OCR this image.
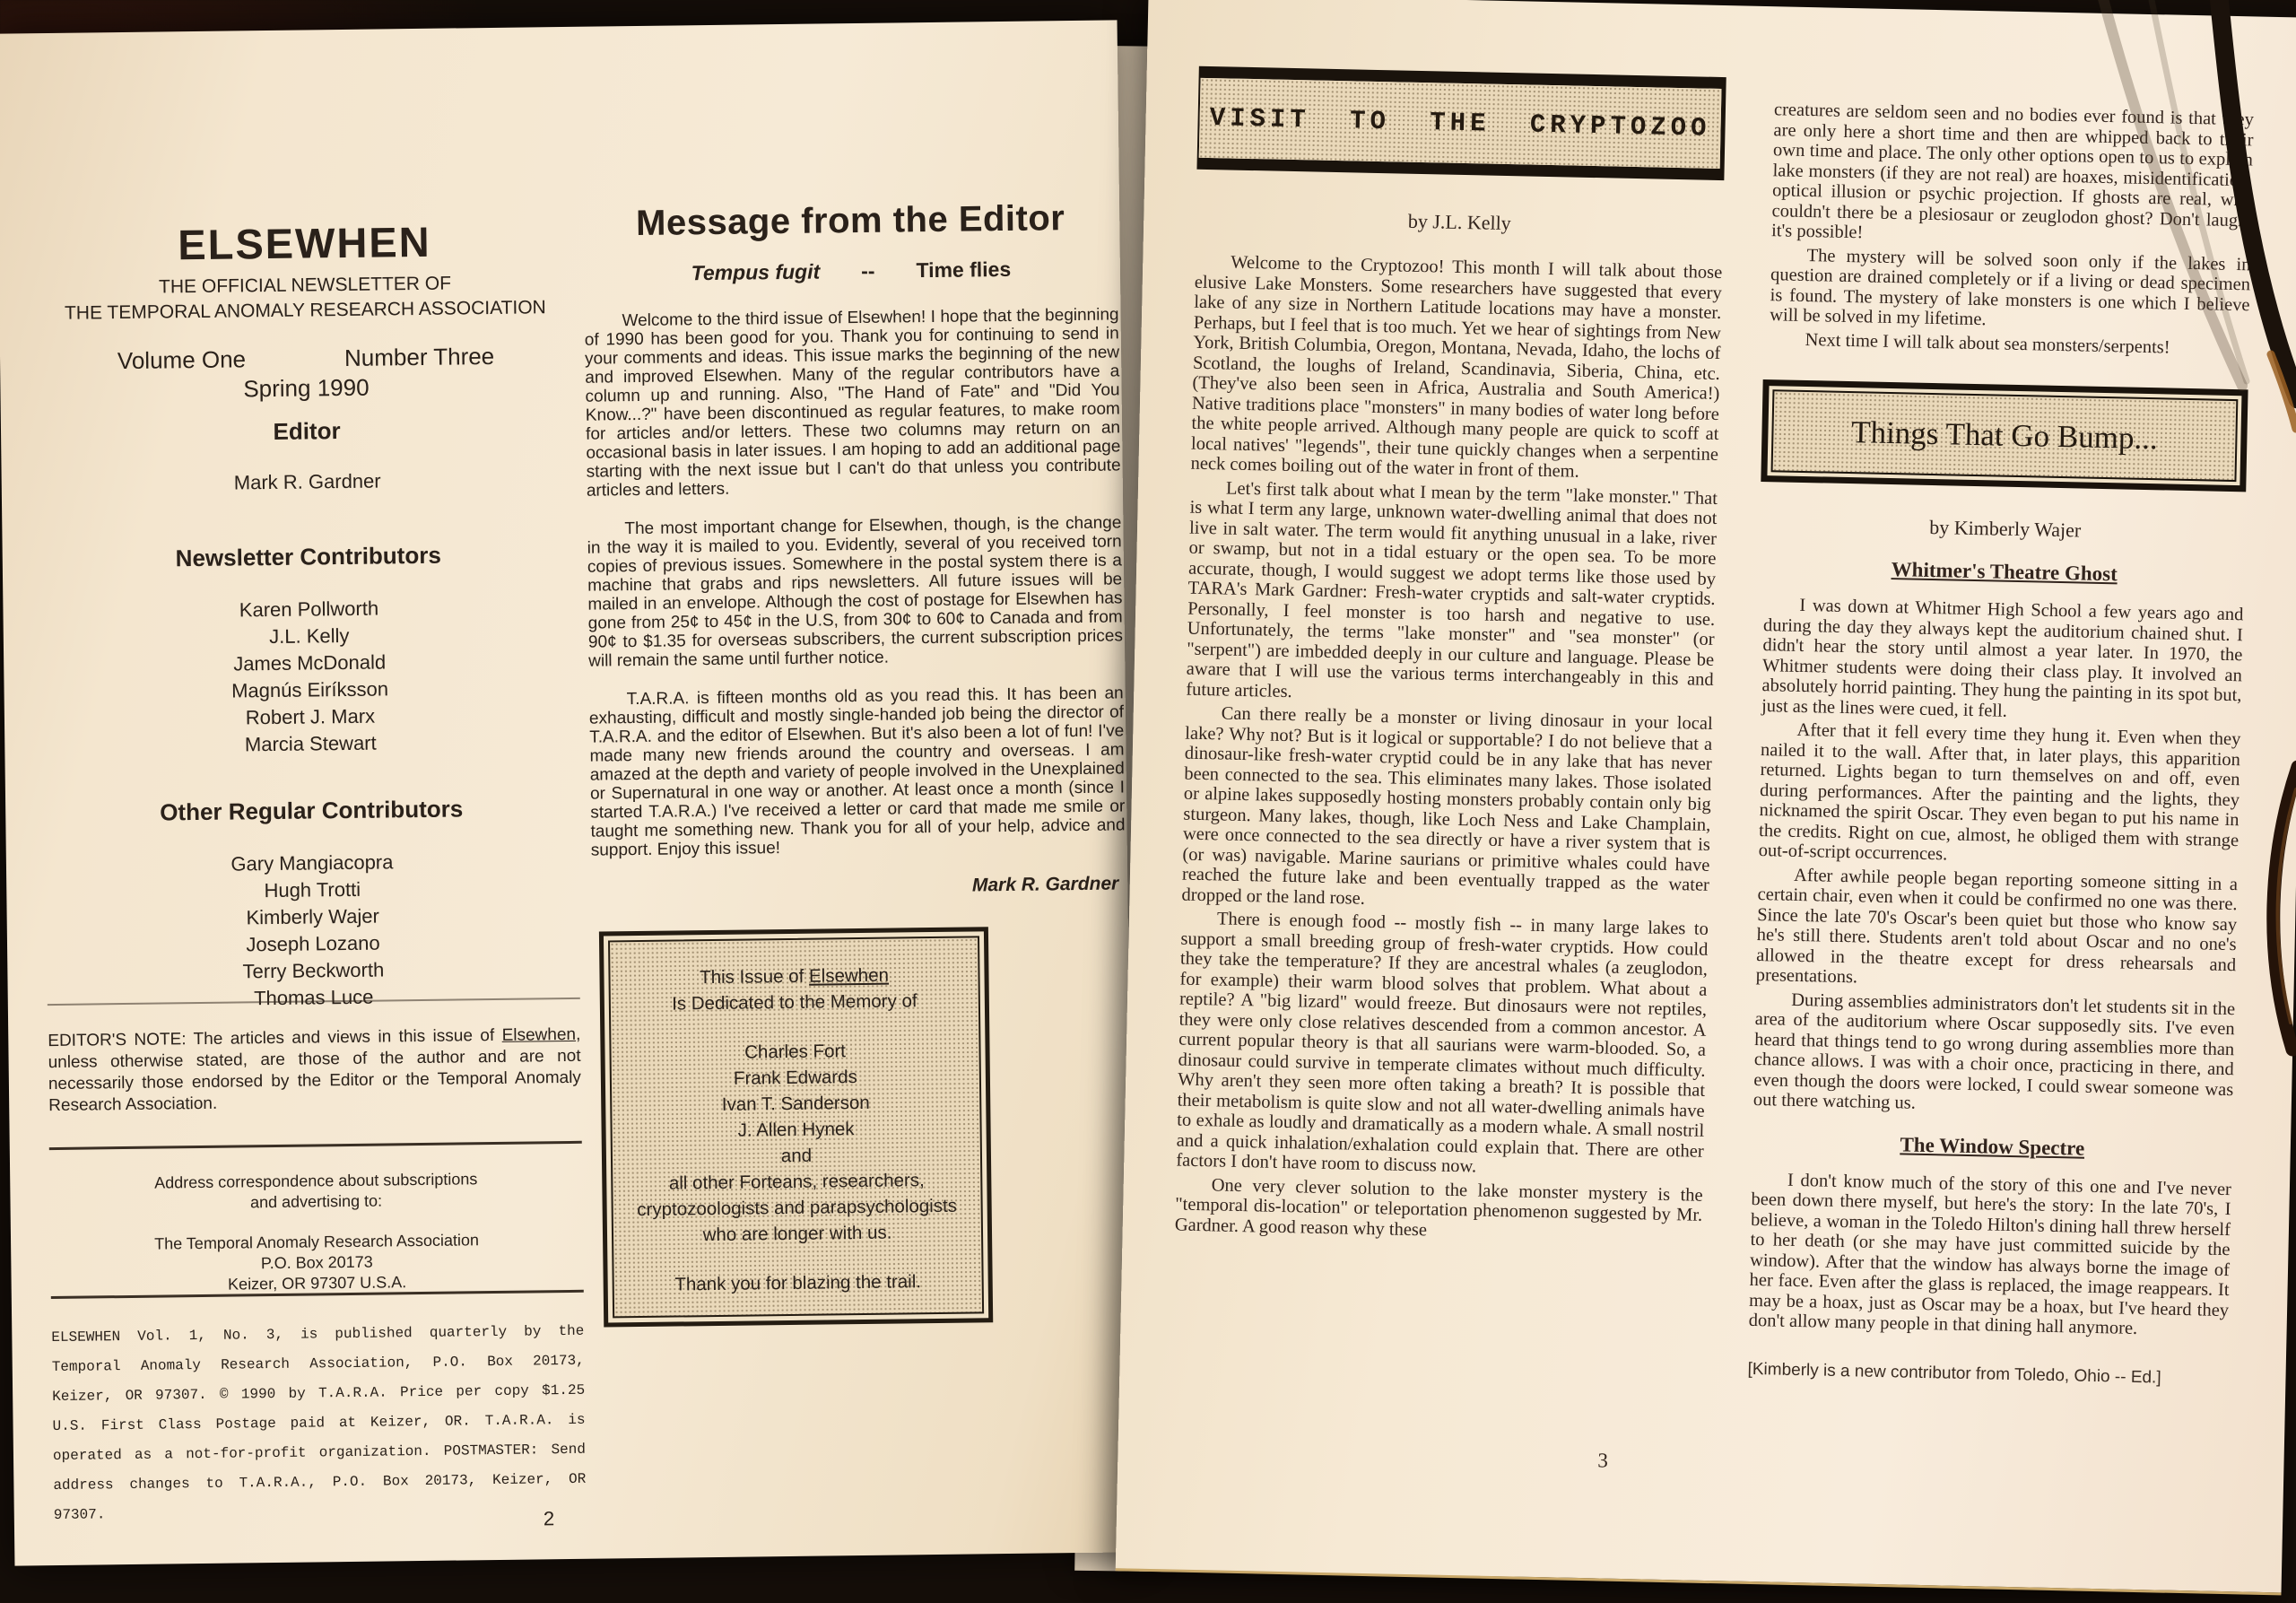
ELSEWHEN
THE OFFICIAL NEWSLETTER OF
THE TEMPORAL ANOMALY RESEARCH ASSOCIATION
Volume One	Number Three
Spring 1990
Editor
Mark R. Gardner
Newsletter Contributors
Karen Pollworth
J.L. Kelly
James McDonald
Magnús Eiríksson
Robert J. Marx
Marcia Stewart
Other Regular Contributors
Gary Mangiacopra
Hugh Trotti
Kimberly Wajer
Joseph Lozano
Terry Beckworth
Thomas Luce
EDITOR'S NOTE: The articles and views in this issue of Elsewhen, unless otherwise stated, are those of the author and are not necessarily those endorsed by the Editor or the Temporal Anomaly Research Association.
Address correspondence about subscriptions
and advertising to:
The Temporal Anomaly Research Association
P.O. Box 20173
Keizer, OR 97307 U.S.A.
ELSEWHEN Vol. 1, No. 3, is published quarterly by the Temporal Anomaly Research Association, P.O. Box 20173, Keizer, OR 97307. © 1990 by T.A.R.A. Price per copy $1.25 U.S. First Class Postage paid at Keizer, OR. T.A.R.A. is operated as a not-for-profit organization. POSTMASTER: Send address changes to T.A.R.A., P.O. Box 20173, Keizer, OR 97307.	2
Message from the Editor
Tempus fugit -- Time flies

Welcome to the third issue of Elsewhen! I hope that the beginning of 1990 has been good for you. Thank you for continuing to send in your comments and ideas. This issue marks the beginning of the new and improved Elsewhen. Many of the regular contributors have a column up and running. Also, "The Hand of Fate" and "Did You Know...?" have been discontinued as regular features, to make room for articles and/or letters. These two columns may return on an occasional basis in later issues. I am hoping to add an additional page starting with the next issue but I can't do that unless you contribute articles and letters.

The most important change for Elsewhen, though, is the change in the way it is mailed to you. Evidently, several of you received torn copies of previous issues. Somewhere in the postal system there is a machine that grabs and rips newsletters. All future issues will be mailed in an envelope. Although the cost of postage for Elsewhen has gone from 25¢ to 45¢ in the U.S, from 30¢ to 60¢ to Canada and from 90¢ to $1.35 for overseas subscribers, the current subscription prices will remain the same until further notice.

T.A.R.A. is fifteen months old as you read this. It has been an exhausting, difficult and mostly single-handed job being the director of T.A.R.A. and the editor of Elsewhen. But it's also been a lot of fun! I've made many new friends around the country and overseas. I am amazed at the depth and variety of people involved in the Unexplained or Supernatural in one way or another. At least once a month (since I started T.A.R.A.) I've received a letter or card that made me smile or taught me something new. Thank you for all of your help, advice and support. Enjoy this issue!

Mark R. Gardner
This Issue of Elsewhen
Is Dedicated to the Memory of
Charles Fort
Frank Edwards
Ivan T. Sanderson
J. Allen Hynek
and
all other Forteans, researchers,
cryptozoologists and parapsychologists
who are longer with us.
Thank you for blazing the trail.
VISIT TO THE CRYPTOZOO
by J.L. Kelly

Welcome to the Cryptozoo! This month I will talk about those elusive Lake Monsters. Some researchers have suggested that every lake of any size in Northern Latitude locations may have a monster. Perhaps, but I feel that is too much. Yet we hear of sightings from New York, British Columbia, Oregon, Montana, Nevada, Idaho, the lochs of Scotland, the loughs of Ireland, Scandinavia, Siberia, China, etc. (They've also been seen in Africa, Australia and South America!) Native traditions place "monsters" in many bodies of water long before the white people arrived. Although many people are quick to scoff at local natives' "legends", their tune quickly changes when a serpentine neck comes boiling out of the water in front of them.

Let's first talk about what I mean by the term "lake monster." That is what I term any large, unknown water-dwelling animal that does not live in salt water. The term would fit anything unusual in a lake, river or swamp, but not in a tidal estuary or the open sea. To be more accurate, though, I would suggest we adopt terms like those used by TARA's Mark Gardner: Fresh-water cryptids and salt-water cryptids. Personally, I feel monster is too harsh and negative to use. Unfortunately, the terms "lake monster" and "sea monster" (or "serpent") are imbedded deeply in our culture and language. Please be aware that I will use the various terms interchangeably in this and future articles.

Can there really be a monster or living dinosaur in your local lake? Why not? But is it logical or supportable? I do not believe that a dinosaur-like fresh-water cryptid could be in any lake that has never been connected to the sea. This eliminates many lakes. Those isolated or alpine lakes supposedly hosting monsters probably contain only big sturgeon. Many lakes, though, like Loch Ness and Lake Champlain, were once connected to the sea directly or have a river system that is (or was) navigable. Marine saurians or primitive whales could have reached the future lake and been eventually trapped as the water dropped or the land rose.

There is enough food -- mostly fish -- in many large lakes to support a small breeding group of fresh-water cryptids. How could they take the temperature? If they are ancestral whales (a zeuglodon, for example) their warm blood solves that problem. What about a reptile? A "big lizard" would freeze. But dinosaurs were not reptiles, they were only close relatives descended from a common ancestor. A current popular theory is that all saurians were warm-blooded. So, a dinosaur could survive in temperate climates without much difficulty. Why aren't they seen more often taking a breath? It is possible that their metabolism is quite slow and not all water-dwelling animals have to exhale as loudly and dramatically as a modern whale. A small nostril and a quick inhalation/exhalation could explain that. There are other factors I don't have room to discuss now.

One very clever solution to the lake monster mystery is the "temporal dis-location" or teleportation phenomenon suggested by Mr. Gardner. A good reason why these

3

creatures are seldom seen and no bodies ever found is that they are only here a short time and then are whipped back to their own time and place. The only other options open to us to explain lake monsters (if they are not real) are hoaxes, misidentification, optical illusion or psychic projection. If ghosts are real, why couldn't there be a plesiosaur or zeuglodon ghost? Don't laugh, it's possible!

The mystery will be solved soon only if the lakes in question are drained completely or if a living or dead specimen is found. The mystery of lake monsters is one which I believe will be solved in my lifetime.

Next time I will talk about sea monsters/serpents!

Things That Go Bump...
by Kimberly Wajer
Whitmer's Theatre Ghost

I was down at Whitmer High School a few years ago and during the day they always kept the auditorium chained shut. I didn't hear the story until almost a year later. In 1970, the Whitmer students were doing their class play. It involved an absolutely horrid painting. They hung the painting in its spot but, just as the lines were cued, it fell.

After that it fell every time they hung it. Even when they nailed it to the wall. After that, in later plays, this apparition returned. Lights began to turn themselves on and off, even during performances. After the painting and the lights, they nicknamed the spirit Oscar. They even began to put his name in the credits. Right on cue, almost, he obliged them with strange out-of-script occurrences.

After awhile people began reporting someone sitting in a certain chair, even when it could be confirmed no one was there. Since the late 70's Oscar's been quiet but those who know say he's still there. Students aren't told about Oscar and no one's allowed in the theatre except for dress rehearsals and presentations.

During assemblies administrators don't let students sit in the area of the auditorium where Oscar supposedly sits. I've even heard that things tend to go wrong during assemblies more than chance allows. I was with a choir once, practicing in there, and even though the doors were locked, I could swear someone was out there watching us.

The Window Spectre

I don't know much of the story of this one and I've never been down there myself, but here's the story: In the late 70's, I believe, a woman in the Toledo Hilton's dining hall threw herself to her death (or she may have just committed suicide by the window). After that the window has always borne the image of her face. Even after the glass is replaced, the image reappears. It may be a hoax, just as Oscar may be a hoax, but I've heard they don't allow many people in that dining hall anymore.

[Kimberly is a new contributor from Toledo, Ohio -- Ed.]
